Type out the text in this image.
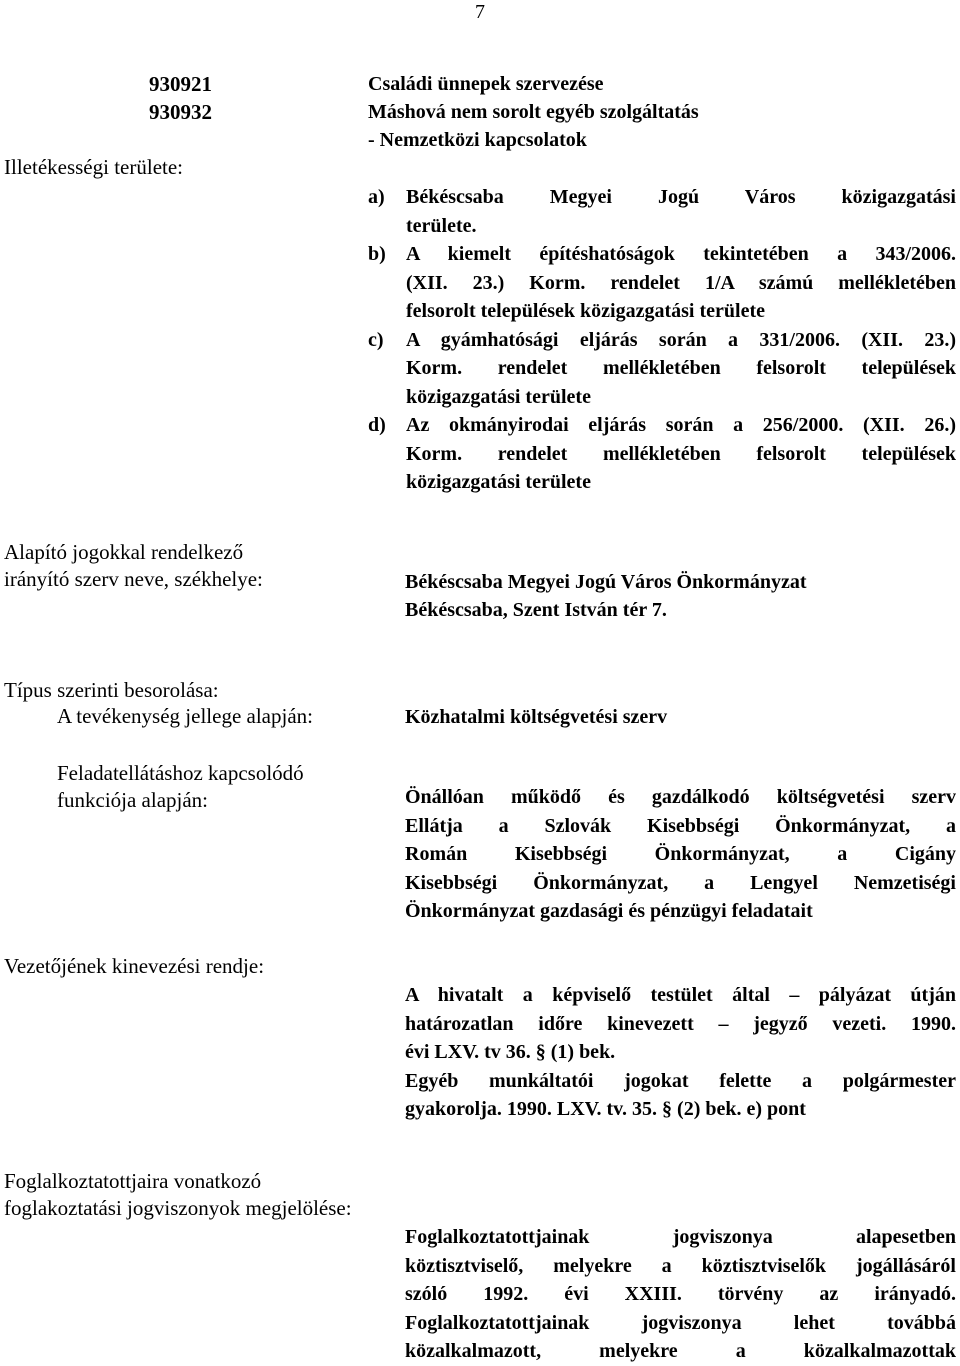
7
930921	Családi ünnepek szervezése
930932	Máshová nem sorolt egyéb szolgáltatás
- Nemzetközi kapcsolatok
Illetékességi területe:
a)	Békéscsaba Megyei Jogú Város közigazgatási
területe.
b)	A kiemelt építéshatóságok tekintetében a 343/2006.
(XII. 23.) Korm. rendelet 1/A számú mellékletében
felsorolt települések közigazgatási területe
c)	A gyámhatósági eljárás során a 331/2006. (XII. 23.)
Korm. rendelet mellékletében felsorolt települések
közigazgatási területe
d)	Az okmányirodai eljárás során a 256/2000. (XII. 26.)
Korm. rendelet mellékletében felsorolt települések
közigazgatási területe
Alapító jogokkal rendelkező
irányító szerv neve, székhelye:	Békéscsaba Megyei Jogú Város Önkormányzat
Békéscsaba, Szent István tér 7.
Típus szerinti besorolása:
A tevékenység jellege alapján:	Közhatalmi költségvetési szerv
Feladatellátáshoz kapcsolódó
funkciója alapján:	Önállóan működő és gazdálkodó költségvetési szerv
Ellátja a Szlovák Kisebbségi Önkormányzat, a
Román Kisebbségi Önkormányzat, a Cigány
Kisebbségi Önkormányzat, a Lengyel Nemzetiségi
Önkormányzat gazdasági és pénzügyi feladatait
Vezetőjének kinevezési rendje:
A hivatalt a képviselő testület által – pályázat útján
határozatlan időre kinevezett – jegyző vezeti. 1990.
évi LXV. tv 36. § (1) bek.
Egyéb munkáltatói jogokat felette a polgármester
gyakorolja. 1990. LXV. tv. 35. § (2) bek. e) pont
Foglalkoztatottjaira vonatkozó
foglakoztatási jogviszonyok megjelölése:
Foglalkoztatottjainak jogviszonya alapesetben
köztisztviselő, melyekre a köztisztviselők jogállásáról
szóló 1992. évi XXIII. törvény az irányadó.
Foglalkoztatottjainak jogviszonya lehet továbbá
közalkalmazott, melyekre a közalkalmazottak
